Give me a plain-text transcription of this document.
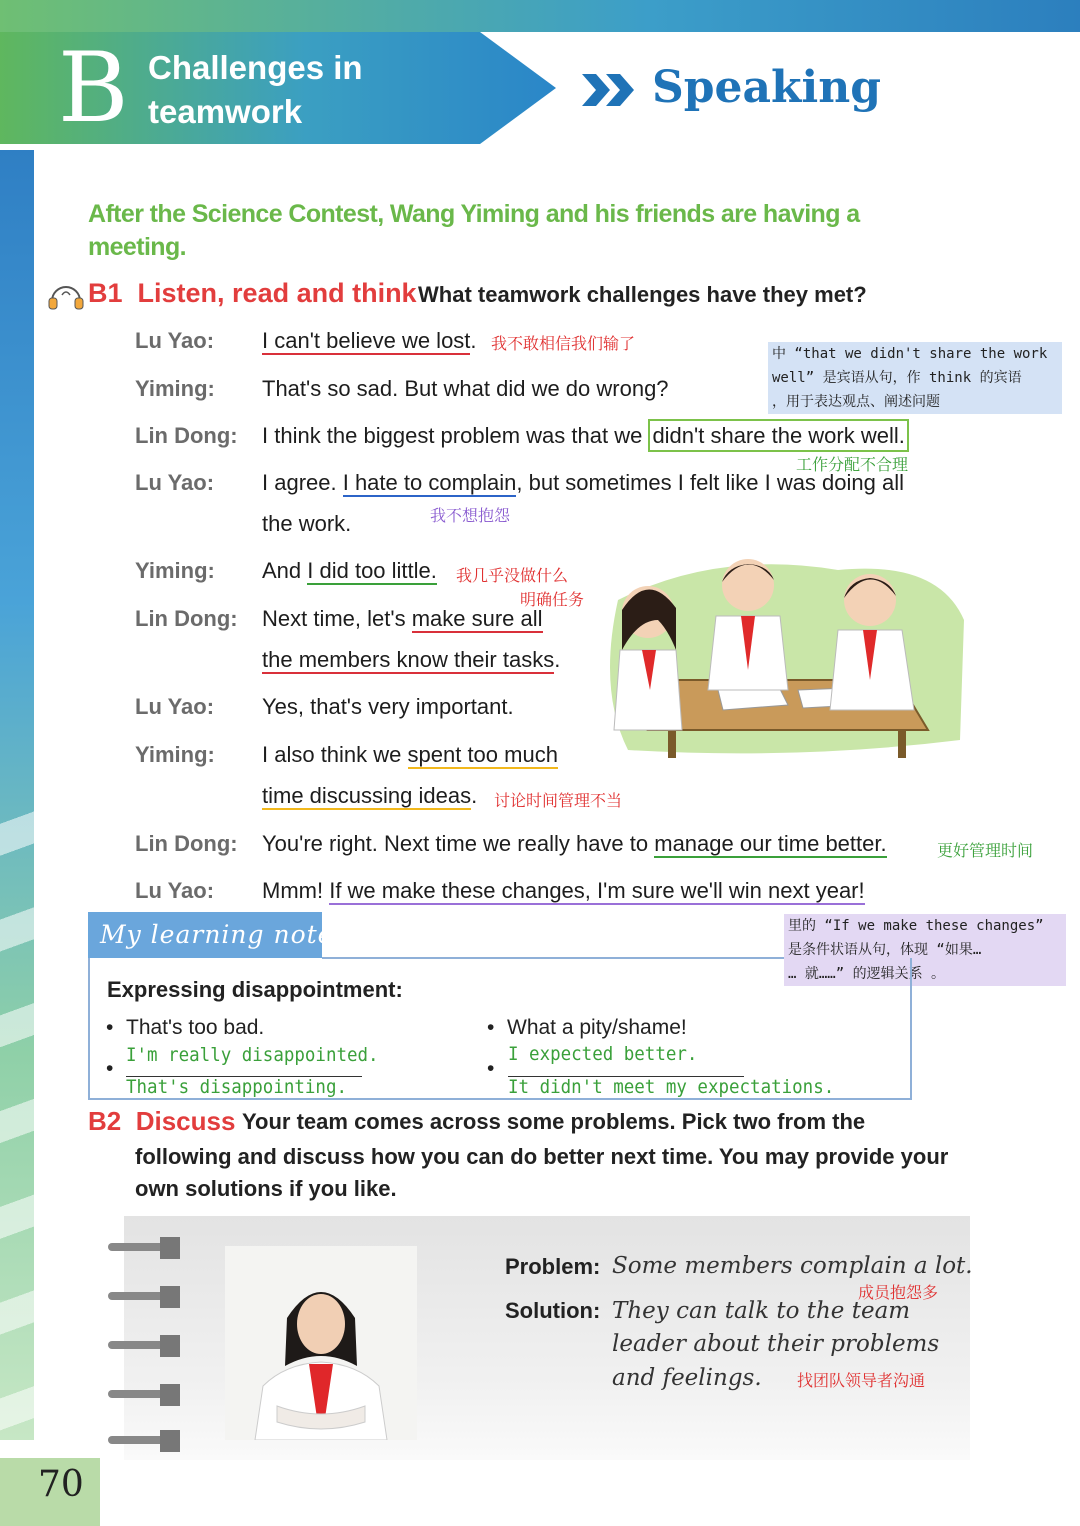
B Challenges in teamwork	Speaking
After the Science Contest, Wang Yiming and his friends are having a meeting.
B1 Listen, read and think What teamwork challenges have they met?
Lu Yao:
Yiming:
Lin Dong:
Lu Yao:
Yiming:
Lin Dong:
Lu Yao:
Yiming:
Lin Dong:
Lu Yao:
I can't believe we lost.
That's so sad. But what did we do wrong?
I think the biggest problem was that we didn't share the work well.
I agree. I hate to complain, but sometimes I felt like I was doing all
the work.
And I did too little.
Next time, let's make sure all
the members know their tasks.
Yes, that's very important.
I also think we spent too much
time discussing ideas.
You're right. Next time we really have to manage our time better.
Mmm! If we make these changes, I'm sure we'll win next year!
我不敢相信我们输了
中 “that we didn't share the work
well” 是宾语从句，作 think 的宾语
，用于表达观点、阐述问题
工作分配不合理
我不想抱怨
我几乎没做什么
明确任务
讨论时间管理不当
更好管理时间
里的 “If we make these changes”
是条件状语从句，体现 “如果…
… 就……” 的逻辑关系 。
My learning notes
Expressing disappointment:
• That's too bad.
•
I'm really disappointed.
That's disappointing.
• What a pity/shame!
•
I expected better.
It didn't meet my expectations.
B2 Discuss Your team comes across some problems. Pick two from the
following and discuss how you can do better next time. You may provide your own solutions if you like.
Problem: Some members complain a lot.
成员抱怨多
Solution: They can talk to the team
leader about their problems
and feelings. 找团队领导者沟通
70
